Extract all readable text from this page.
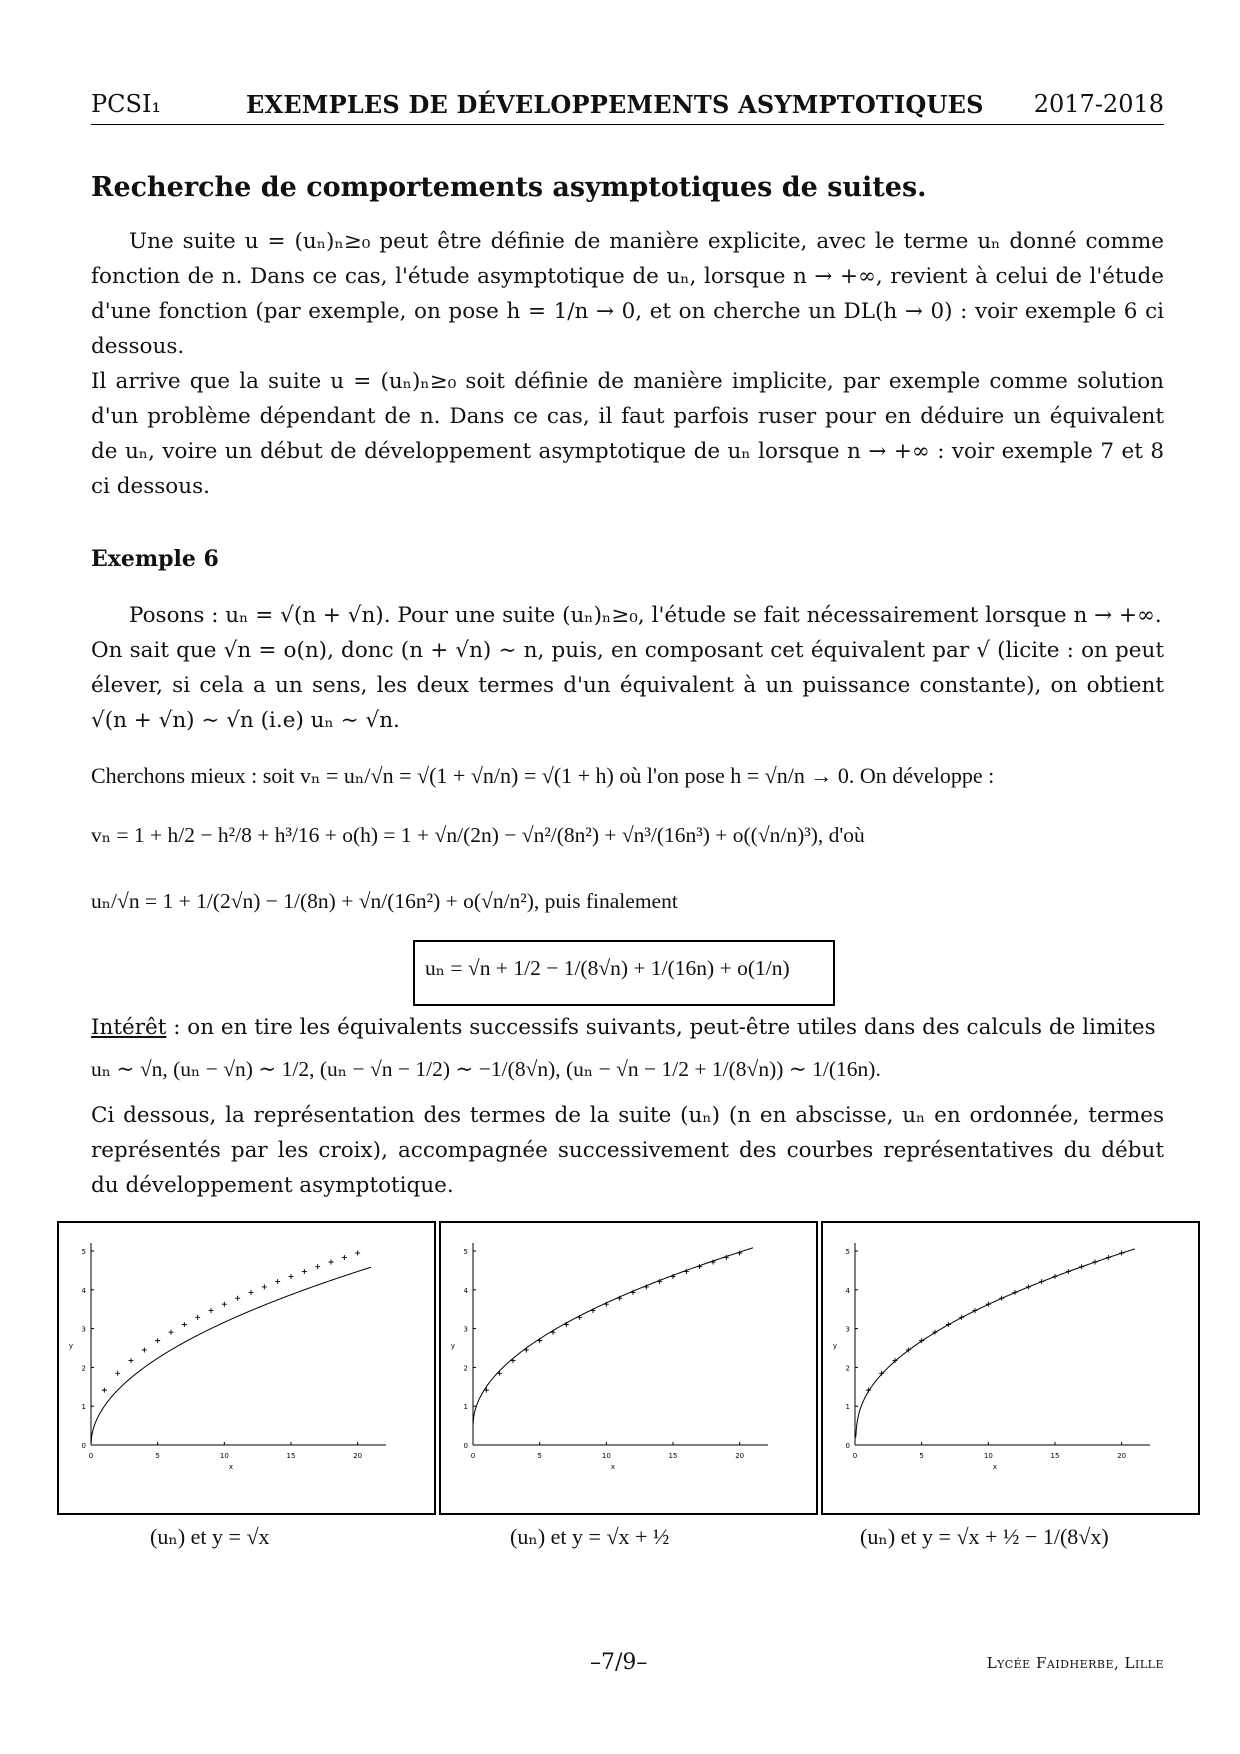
PCSI₁	EXEMPLES DE DÉVELOPPEMENTS ASYMPTOTIQUES 2017-2018
Recherche de comportements asymptotiques de suites.
Une suite u = (uₙ)ₙ≥₀ peut être définie de manière explicite, avec le terme uₙ donné comme fonction de n. Dans ce cas, l'étude asymptotique de uₙ, lorsque n → +∞, revient à celui de l'étude d'une fonction (par exemple, on pose h = 1/n → 0, et on cherche un DL(h → 0) : voir exemple 6 ci dessous.
Il arrive que la suite u = (uₙ)ₙ≥₀ soit définie de manière implicite, par exemple comme solution d'un problème dépendant de n. Dans ce cas, il faut parfois ruser pour en déduire un équivalent de uₙ, voire un début de développement asymptotique de uₙ lorsque n → +∞ : voir exemple 7 et 8 ci dessous.
Exemple 6
Posons : uₙ = √(n + √n). Pour une suite (uₙ)ₙ≥₀, l'étude se fait nécessairement lorsque n → +∞.
On sait que √n = o(n), donc (n + √n) ∼ n, puis, en composant cet équivalent par √ (licite : on peut élever, si cela a un sens, les deux termes d'un équivalent à un puissance constante), on obtient √(n + √n) ∼ √n (i.e) uₙ ∼ √n.
Cherchons mieux : soit vₙ = uₙ/√n = √(1 + √n/n) = √(1 + h) où l'on pose h = √n/n → 0. On développe :
vₙ = 1 + h/2 − h²/8 + h³/16 + o(h) = 1 + √n/(2n) − √n²/(8n²) + √n³/(16n³) + o((√n/n)³), d'où
uₙ/√n = 1 + 1/(2√n) − 1/(8n) + √n/(16n²) + o(√n/n²), puis finalement
uₙ = √n + 1/2 − 1/(8√n) + 1/(16n) + o(1/n)
Intérêt : on en tire les équivalents successifs suivants, peut-être utiles dans des calculs de limites
uₙ ∼ √n, (uₙ − √n) ∼ 1/2, (uₙ − √n − 1/2) ∼ −1/(8√n), (uₙ − √n − 1/2 + 1/(8√n)) ∼ 1/(16n).
Ci dessous, la représentation des termes de la suite (uₙ) (n en abscisse, uₙ en ordonnée, termes représentés par les croix), accompagnée successivement des courbes représentatives du début du développement asymptotique.
0	5	10	15	20
0
1
2
3
4
5
x
y
0	5	10	15	20
0
1
2
3
4
5
x
y
0	5	10	15	20
0
1
2
3
4
5
x
y
(uₙ) et y = √x	(uₙ) et y = √x + ½	(uₙ) et y = √x + ½ − 1/(8√x)
–7/9–	Lycée Faidherbe, Lille
